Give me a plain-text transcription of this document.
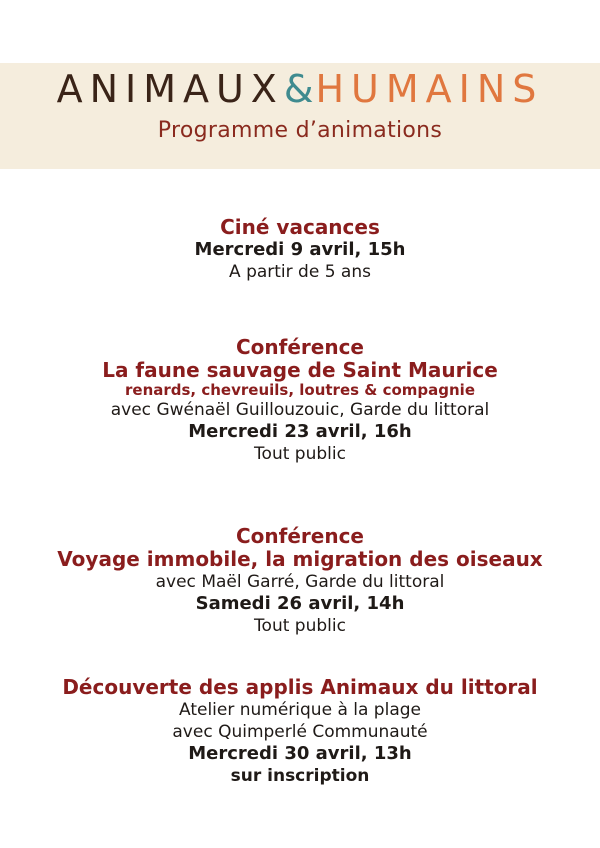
ANIMAUX&HUMAINS
Programme d’animations
Ciné vacances
Mercredi 9 avril, 15h
A partir de 5 ans
Conférence
La faune sauvage de Saint Maurice
renards, chevreuils, loutres & compagnie
avec Gwénaël Guillouzouic, Garde du littoral
Mercredi 23 avril, 16h
Tout public
Conférence
Voyage immobile, la migration des oiseaux
avec Maël Garré, Garde du littoral
Samedi 26 avril, 14h
Tout public
Découverte des applis Animaux du littoral
Atelier numérique à la plage
avec Quimperlé Communauté
Mercredi 30 avril, 13h
sur inscription
